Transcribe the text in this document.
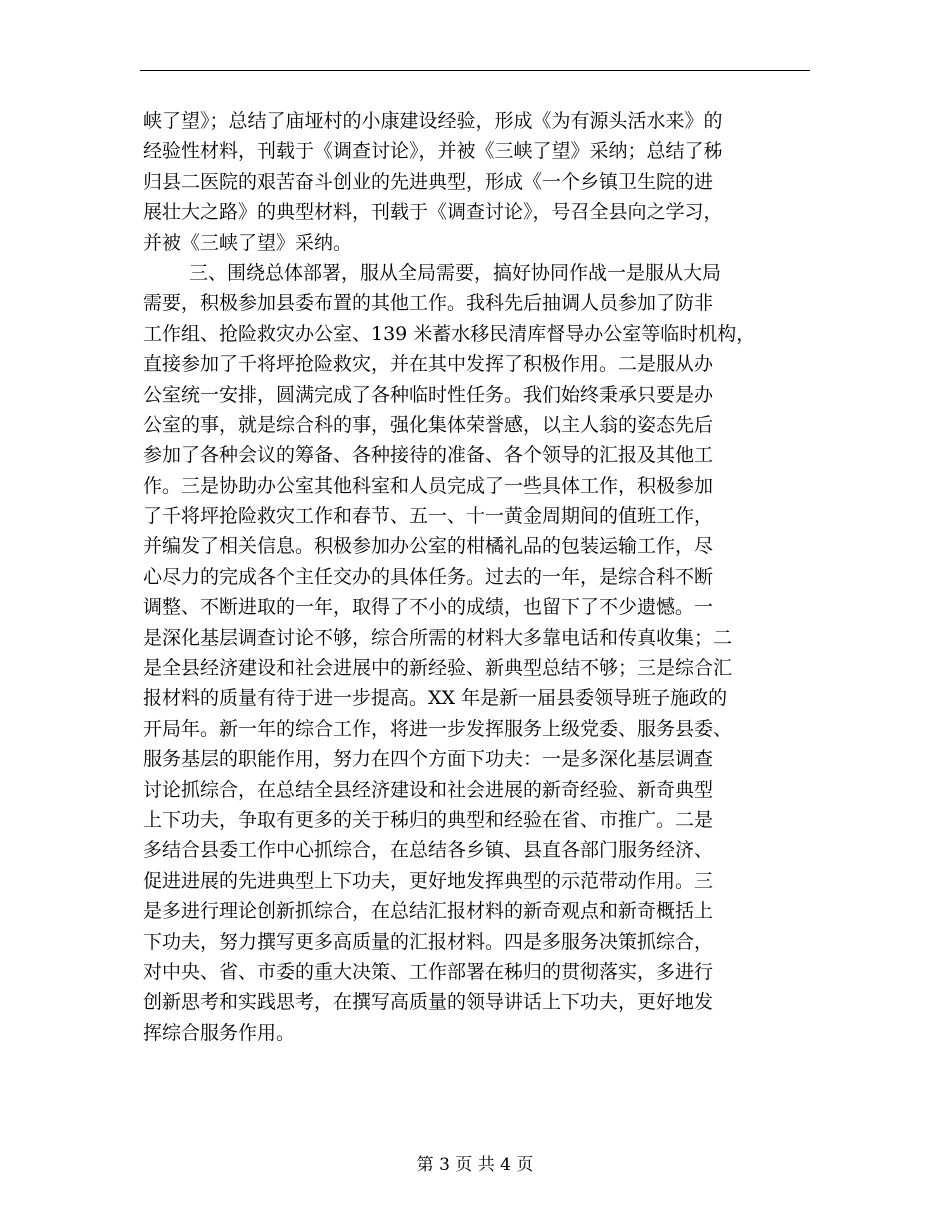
峡了望》；总结了庙垭村的小康建设经验，形成《为有源头活水来》的
经验性材料，刊载于《调查讨论》，并被《三峡了望》采纳；总结了秭
归县二医院的艰苦奋斗创业的先进典型，形成《一个乡镇卫生院的进
展壮大之路》的典型材料，刊载于《调查讨论》，号召全县向之学习，
并被《三峡了望》采纳。
三、围绕总体部署，服从全局需要，搞好协同作战一是服从大局
需要，积极参加县委布置的其他工作。我科先后抽调人员参加了防非
工作组、抢险救灾办公室、139 米蓄水移民清库督导办公室等临时机构，
直接参加了千将坪抢险救灾，并在其中发挥了积极作用。二是服从办
公室统一安排，圆满完成了各种临时性任务。我们始终秉承只要是办
公室的事，就是综合科的事，强化集体荣誉感，以主人翁的姿态先后
参加了各种会议的筹备、各种接待的准备、各个领导的汇报及其他工
作。三是协助办公室其他科室和人员完成了一些具体工作，积极参加
了千将坪抢险救灾工作和春节、五一、十一黄金周期间的值班工作，
并编发了相关信息。积极参加办公室的柑橘礼品的包装运输工作，尽
心尽力的完成各个主任交办的具体任务。过去的一年，是综合科不断
调整、不断进取的一年，取得了不小的成绩，也留下了不少遗憾。一
是深化基层调查讨论不够，综合所需的材料大多靠电话和传真收集；二
是全县经济建设和社会进展中的新经验、新典型总结不够；三是综合汇
报材料的质量有待于进一步提高。XX 年是新一届县委领导班子施政的
开局年。新一年的综合工作，将进一步发挥服务上级党委、服务县委、
服务基层的职能作用，努力在四个方面下功夫：一是多深化基层调查
讨论抓综合，在总结全县经济建设和社会进展的新奇经验、新奇典型
上下功夫，争取有更多的关于秭归的典型和经验在省、市推广。二是
多结合县委工作中心抓综合，在总结各乡镇、县直各部门服务经济、
促进进展的先进典型上下功夫，更好地发挥典型的示范带动作用。三
是多进行理论创新抓综合，在总结汇报材料的新奇观点和新奇概括上
下功夫，努力撰写更多高质量的汇报材料。四是多服务决策抓综合，
对中央、省、市委的重大决策、工作部署在秭归的贯彻落实，多进行
创新思考和实践思考，在撰写高质量的领导讲话上下功夫，更好地发
挥综合服务作用。
第 3 页 共 4 页
